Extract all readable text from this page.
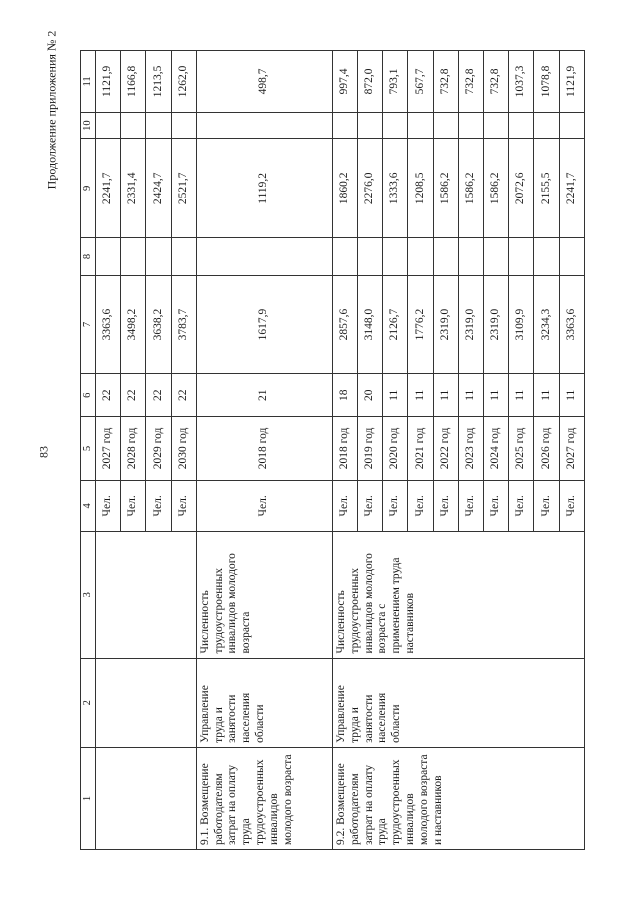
83
Продолжение приложения № 2
1	2	3	4	5	6	7	8	9	10	11
			Чел.	2027 год	22	3363,6		2241,7		1121,9
			Чел.	2028 год	22	3498,2		2331,4		1166,8
			Чел.	2029 год	22	3638,2		2424,7		1213,5
			Чел.	2030 год	22	3783,7		2521,7		1262,0
9.1. Возмещение работодателям затрат на оплату труда трудоустроенных инвалидов молодого возраста	Управление труда и занятости населения области	Численность трудоустроенных инвалидов молодого возраста	Чел.	2018 год	21	1617,9		1119,2		498,7
9.2. Возмещение работодателям затрат на оплату труда трудоустроенных инвалидов молодого возраста и наставников	Управление труда и занятости населения области	Численность трудоустроенных инвалидов молодого возраста с применением труда наставников	Чел.	2018 год	18	2857,6		1860,2		997,4
			Чел.	2019 год	20	3148,0		2276,0		872,0
			Чел.	2020 год	11	2126,7		1333,6		793,1
			Чел.	2021 год	11	1776,2		1208,5		567,7
			Чел.	2022 год	11	2319,0		1586,2		732,8
			Чел.	2023 год	11	2319,0		1586,2		732,8
			Чел.	2024 год	11	2319,0		1586,2		732,8
			Чел.	2025 год	11	3109,9		2072,6		1037,3
			Чел.	2026 год	11	3234,3		2155,5		1078,8
			Чел.	2027 год	11	3363,6		2241,7		1121,9
